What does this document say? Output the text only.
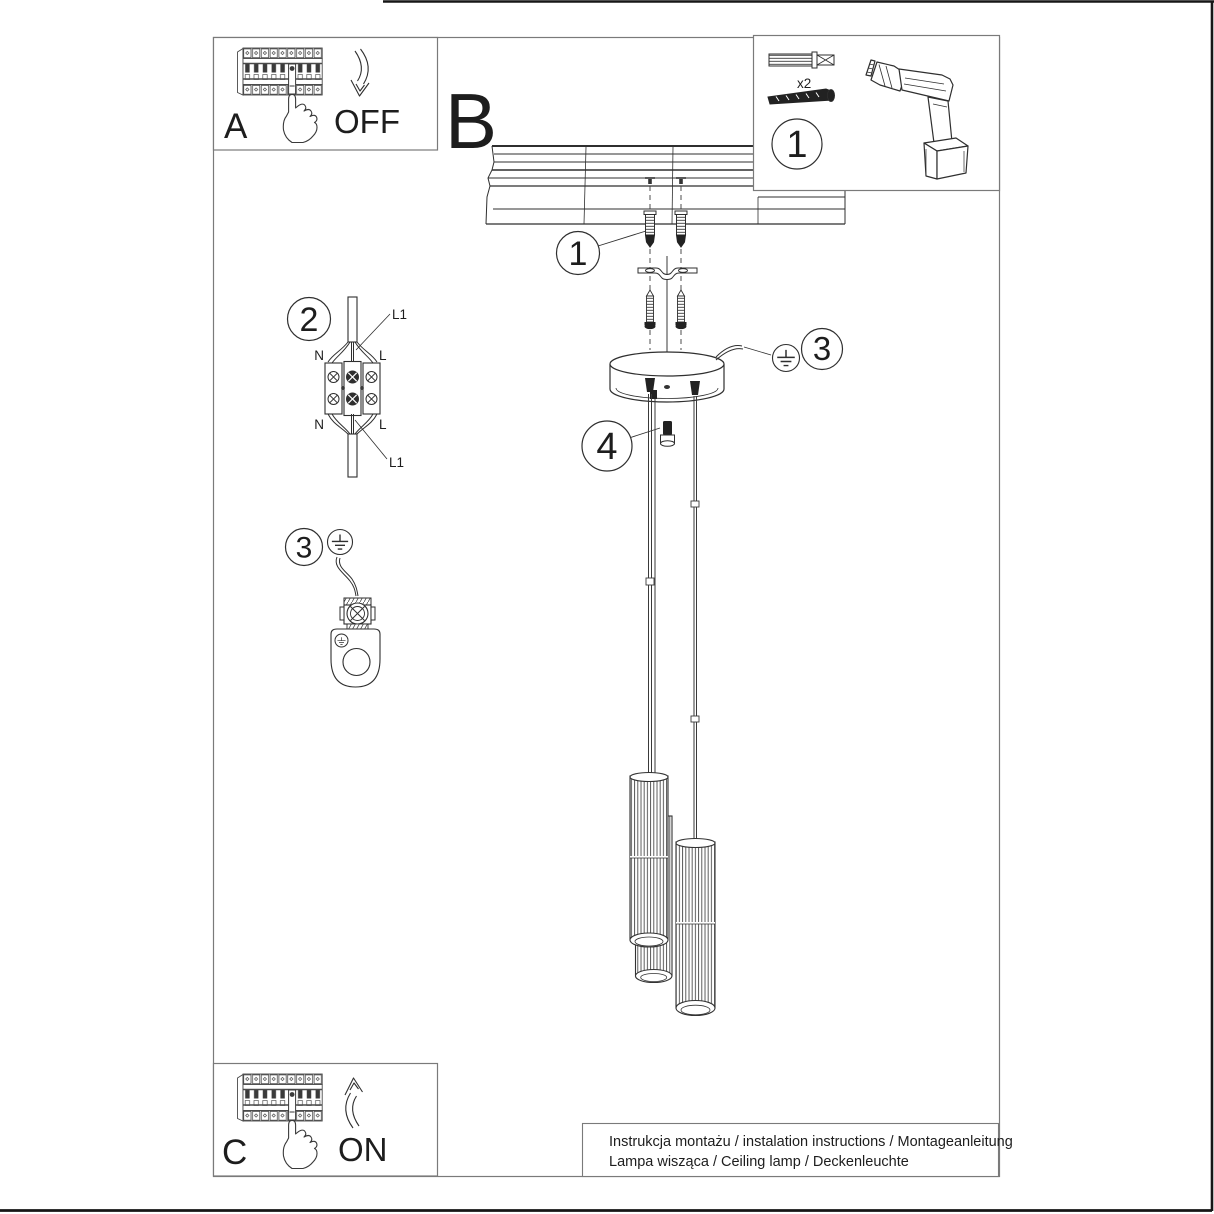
B
1
3
4
2	L1
L1
N	L
N	L
3
x2
1
A	OFF
C	ON	Instrukcja montażu / instalation instructions / Montageanleitung
Lampa wisząca / Ceiling lamp / Deckenleuchte
